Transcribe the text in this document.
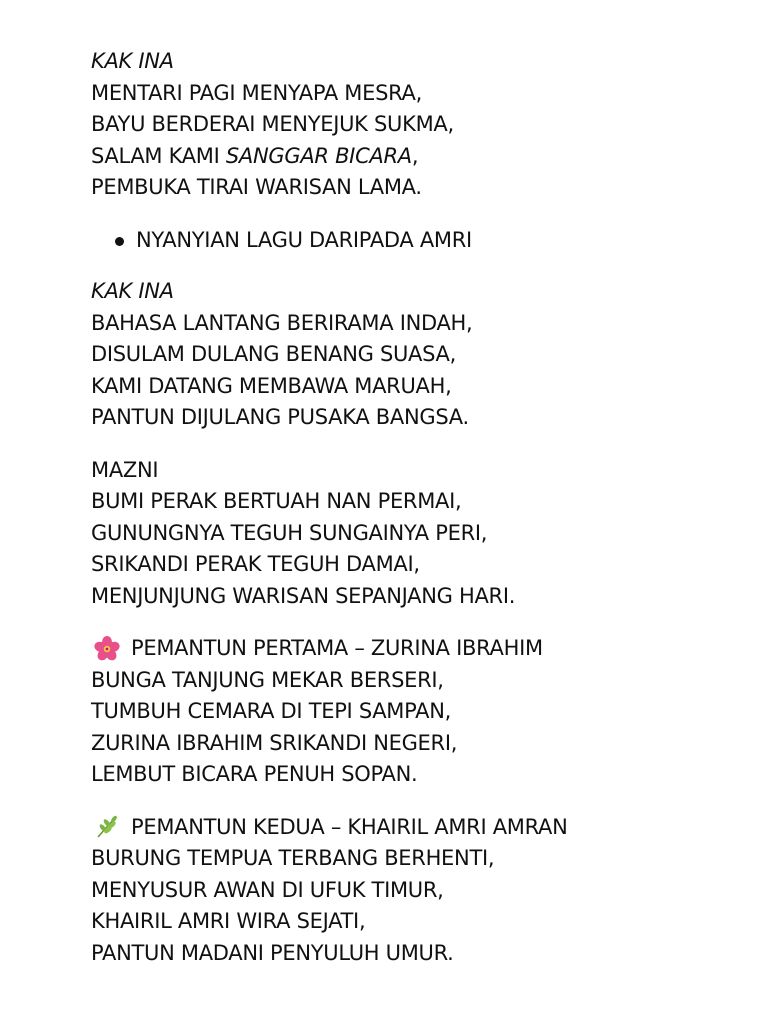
KAK INA
MENTARI PAGI MENYAPA MESRA,
BAYU BERDERAI MENYEJUK SUKMA,
SALAM KAMI SANGGAR BICARA,
PEMBUKA TIRAI WARISAN LAMA.
NYANYIAN LAGU DARIPADA AMRI
KAK INA
BAHASA LANTANG BERIRAMA INDAH,
DISULAM DULANG BENANG SUASA,
KAMI DATANG MEMBAWA MARUAH,
PANTUN DIJULANG PUSAKA BANGSA.
MAZNI
BUMI PERAK BERTUAH NAN PERMAI,
GUNUNGNYA TEGUH SUNGAINYA PERI,
SRIKANDI PERAK TEGUH DAMAI,
MENJUNJUNG WARISAN SEPANJANG HARI.
PEMANTUN PERTAMA – ZURINA IBRAHIM
BUNGA TANJUNG MEKAR BERSERI,
TUMBUH CEMARA DI TEPI SAMPAN,
ZURINA IBRAHIM SRIKANDI NEGERI,
LEMBUT BICARA PENUH SOPAN.
PEMANTUN KEDUA – KHAIRIL AMRI AMRAN
BURUNG TEMPUA TERBANG BERHENTI,
MENYUSUR AWAN DI UFUK TIMUR,
KHAIRIL AMRI WIRA SEJATI,
PANTUN MADANI PENYULUH UMUR.
